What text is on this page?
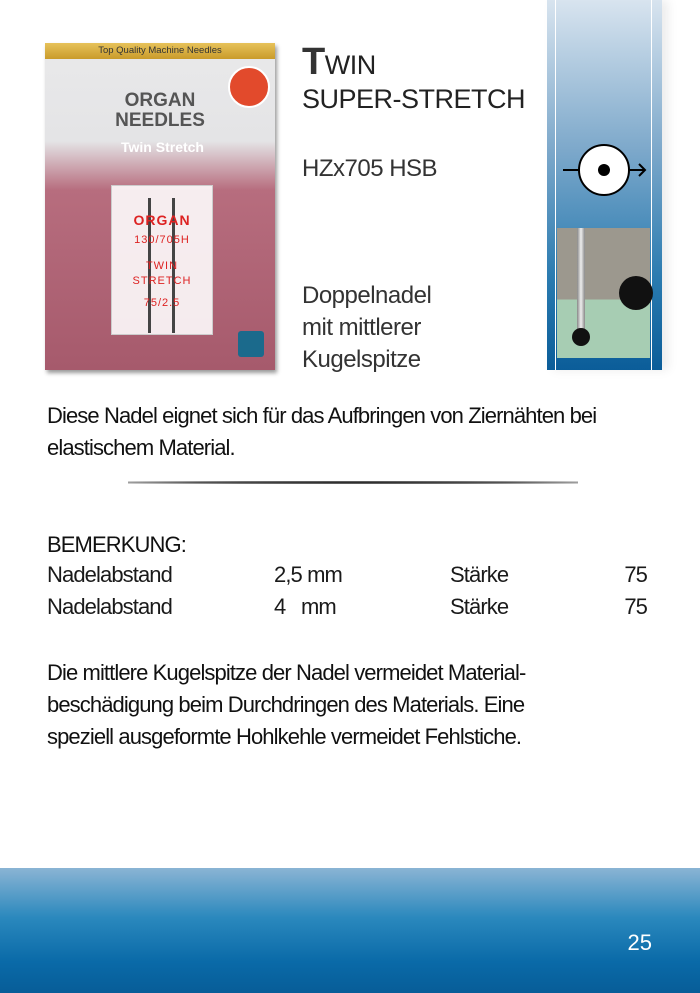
Top Quality Machine Needles
ORGAN
NEEDLES
Twin Stretch
ORGAN
130/705H
TWIN
STRETCH
75/2.5
TWIN
SUPER-STRETCH
HZx705 HSB
Doppelnadel
mit mittlerer
Kugelspitze
Diese Nadel eignet sich für das Aufbringen von Ziernähten bei
elastischem Material.
BEMERKUNG:
Nadelabstand	2,5 mm	Stärke	75
Nadelabstand	4   mm	Stärke	75
Die mittlere Kugelspitze der Nadel vermeidet Material-
beschädigung beim Durchdringen des Materials. Eine
speziell ausgeformte Hohlkehle vermeidet Fehlstiche.
25
